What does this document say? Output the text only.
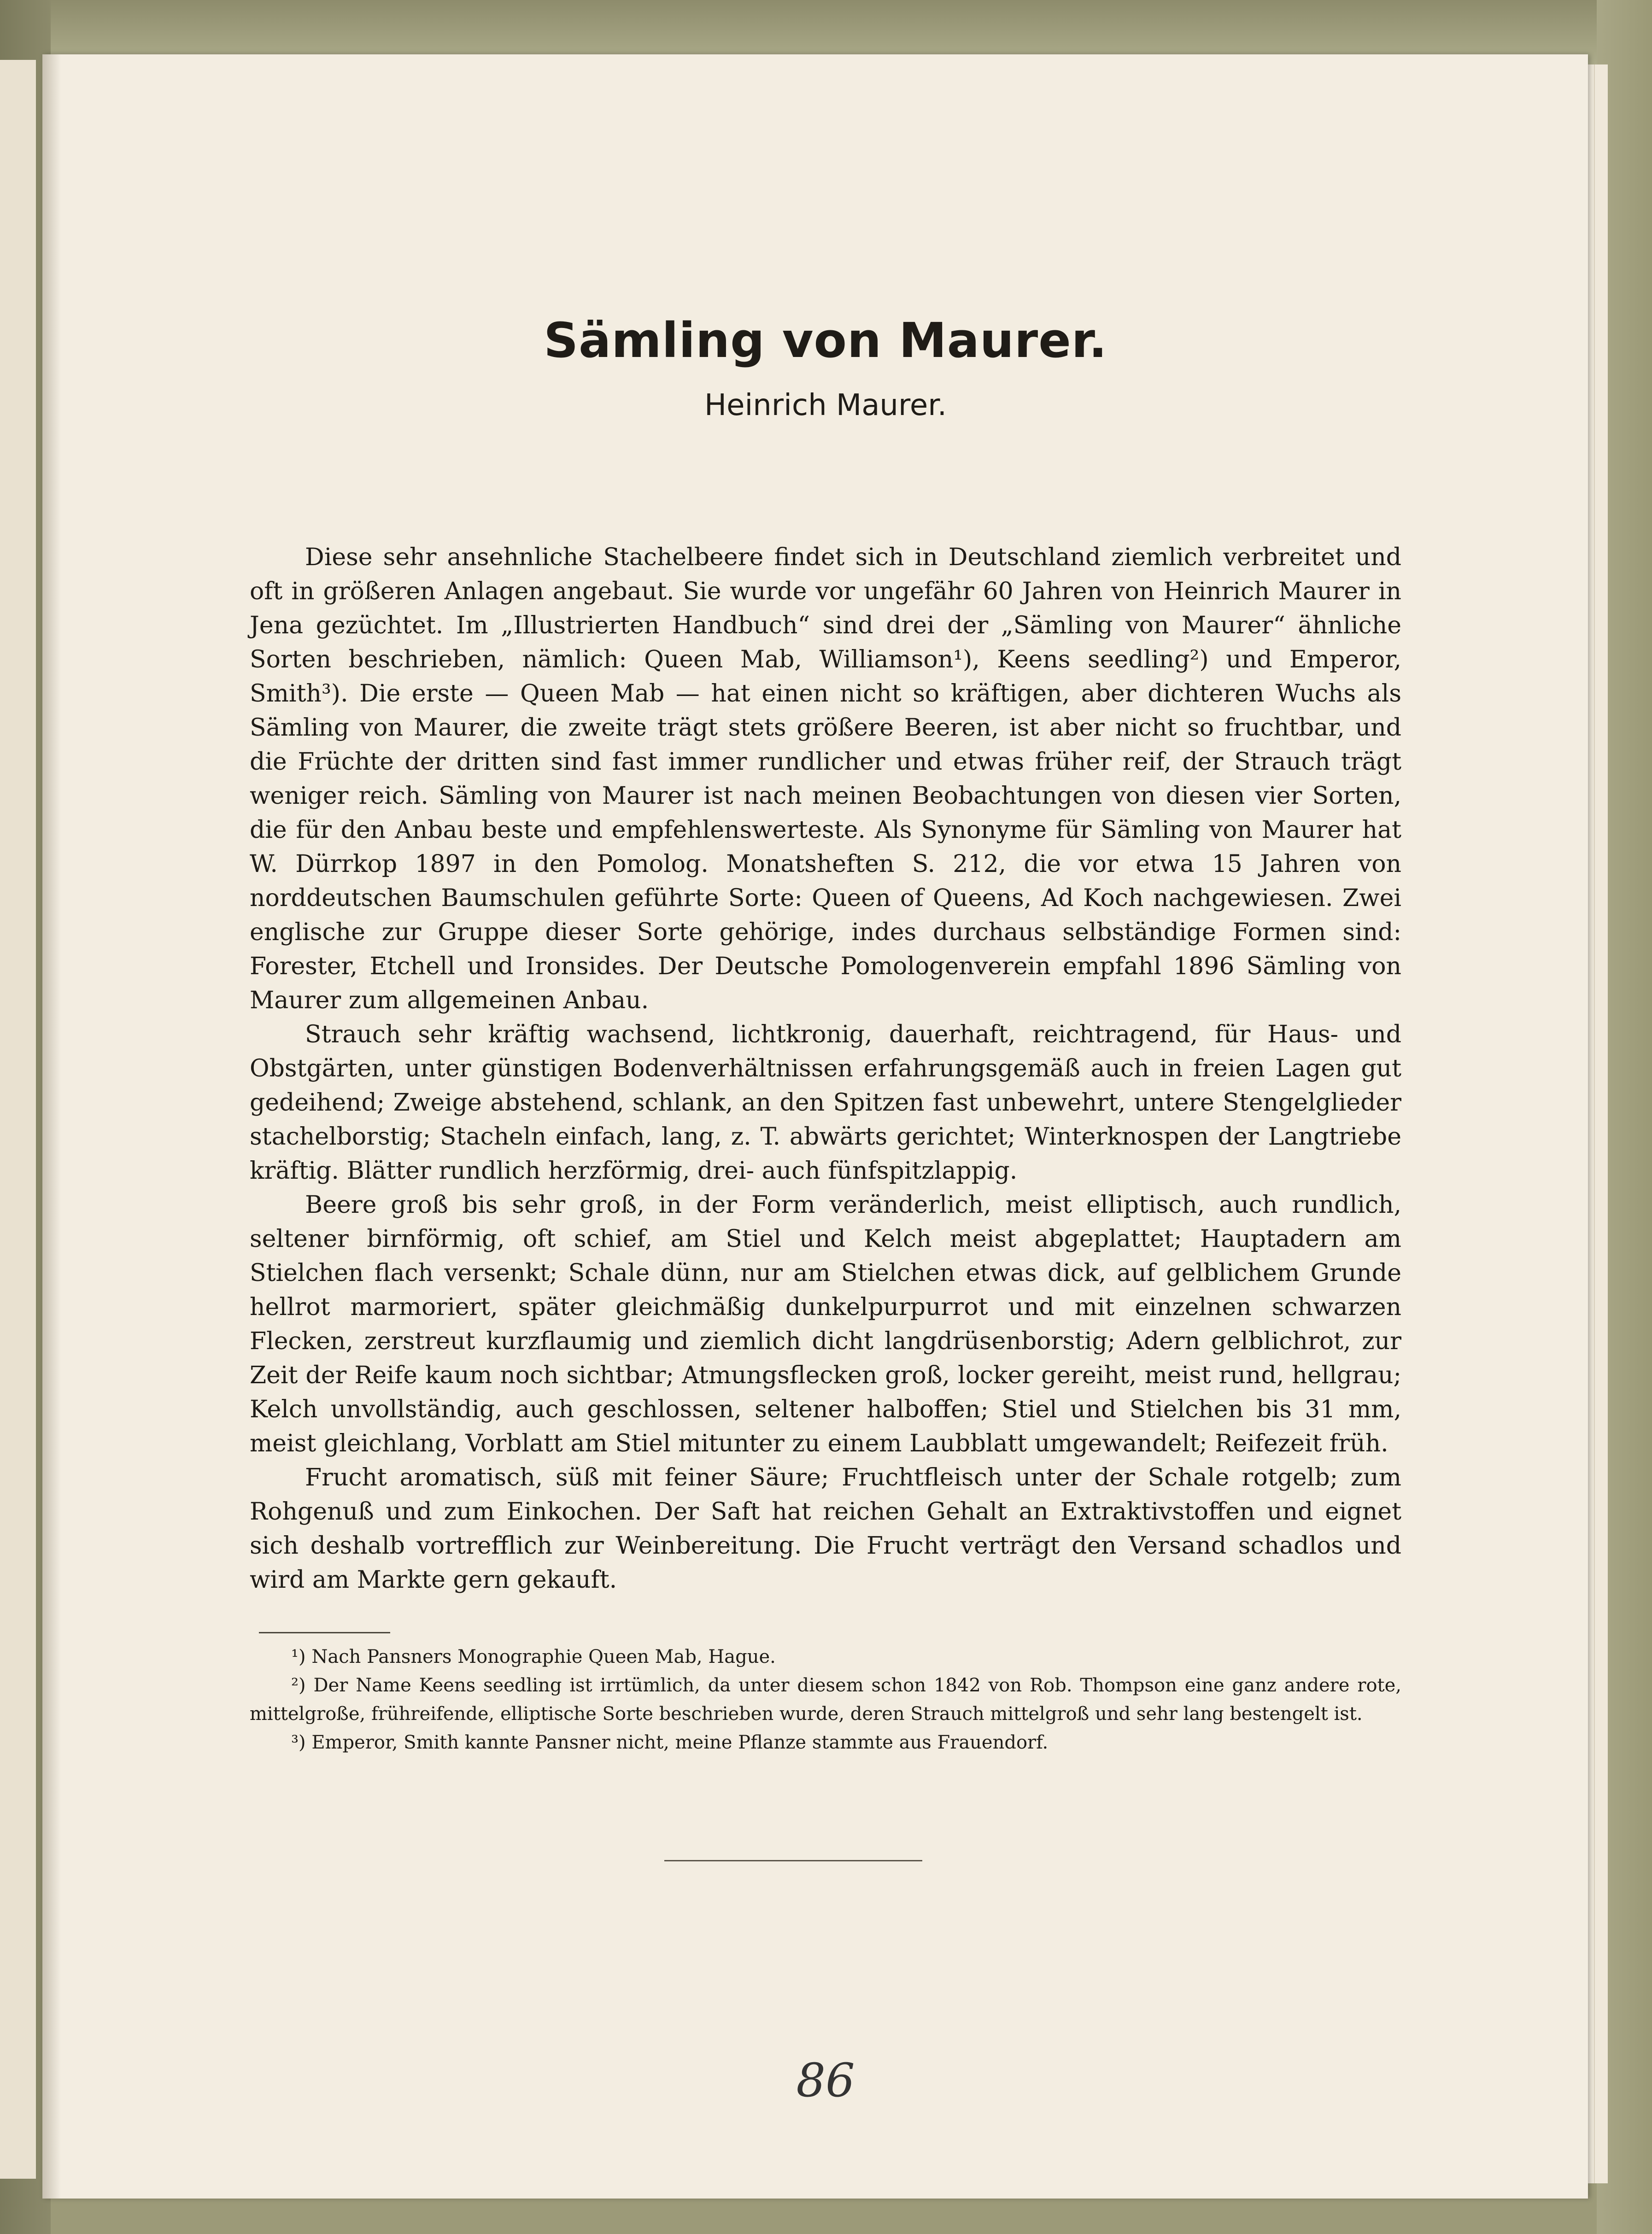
Sämling von Maurer.
Heinrich Maurer.

Diese sehr ansehnliche Stachelbeere findet sich in Deutschland ziemlich verbreitet und oft in größeren Anlagen angebaut. Sie wurde vor ungefähr 60 Jahren von Heinrich Maurer in Jena gezüchtet. Im „Illustrierten Handbuch“ sind drei der „Sämling von Maurer“ ähnliche Sorten beschrieben, nämlich: Queen Mab, Williamson¹), Keens seedling²) und Emperor, Smith³). Die erste — Queen Mab — hat einen nicht so kräftigen, aber dichteren Wuchs als Sämling von Maurer, die zweite trägt stets größere Beeren, ist aber nicht so fruchtbar, und die Früchte der dritten sind fast immer rundlicher und etwas früher reif, der Strauch trägt weniger reich. Sämling von Maurer ist nach meinen Beobachtungen von diesen vier Sorten, die für den Anbau beste und empfehlenswerteste. Als Synonyme für Sämling von Maurer hat W. Dürrkop 1897 in den Pomolog. Monatsheften S. 212, die vor etwa 15 Jahren von norddeutschen Baumschulen geführte Sorte: Queen of Queens, Ad Koch nachgewiesen. Zwei englische zur Gruppe dieser Sorte gehörige, indes durchaus selbständige Formen sind: Forester, Etchell und Ironsides. Der Deutsche Pomologenverein empfahl 1896 Sämling von Maurer zum allgemeinen Anbau.

Strauch sehr kräftig wachsend, lichtkronig, dauerhaft, reichtragend, für Haus- und Obstgärten, unter günstigen Bodenverhältnissen erfahrungsgemäß auch in freien Lagen gut gedeihend; Zweige abstehend, schlank, an den Spitzen fast unbewehrt, untere Stengelglieder stachelborstig; Stacheln einfach, lang, z. T. abwärts gerichtet; Winterknospen der Langtriebe kräftig. Blätter rundlich herzförmig, drei- auch fünfspitzlappig.

Beere groß bis sehr groß, in der Form veränderlich, meist elliptisch, auch rundlich, seltener birnförmig, oft schief, am Stiel und Kelch meist abgeplattet; Hauptadern am Stielchen flach versenkt; Schale dünn, nur am Stielchen etwas dick, auf gelblichem Grunde hellrot marmoriert, später gleichmäßig dunkelpurpurrot und mit einzelnen schwarzen Flecken, zerstreut kurzflaumig und ziemlich dicht langdrüsenborstig; Adern gelblichrot, zur Zeit der Reife kaum noch sichtbar; Atmungsflecken groß, locker gereiht, meist rund, hellgrau; Kelch unvollständig, auch geschlossen, seltener halboffen; Stiel und Stielchen bis 31 mm, meist gleichlang, Vorblatt am Stiel mitunter zu einem Laubblatt umgewandelt; Reifezeit früh.

Frucht aromatisch, süß mit feiner Säure; Fruchtfleisch unter der Schale rotgelb; zum Rohgenuß und zum Einkochen. Der Saft hat reichen Gehalt an Extraktivstoffen und eignet sich deshalb vortrefflich zur Weinbereitung. Die Frucht verträgt den Versand schadlos und wird am Markte gern gekauft.

¹) Nach Pansners Monographie Queen Mab, Hague.

²) Der Name Keens seedling ist irrtümlich, da unter diesem schon 1842 von Rob. Thompson eine ganz andere rote, mittelgroße, frühreifende, elliptische Sorte beschrieben wurde, deren Strauch mittelgroß und sehr lang bestengelt ist.

³) Emperor, Smith kannte Pansner nicht, meine Pflanze stammte aus Frauendorf.

86
